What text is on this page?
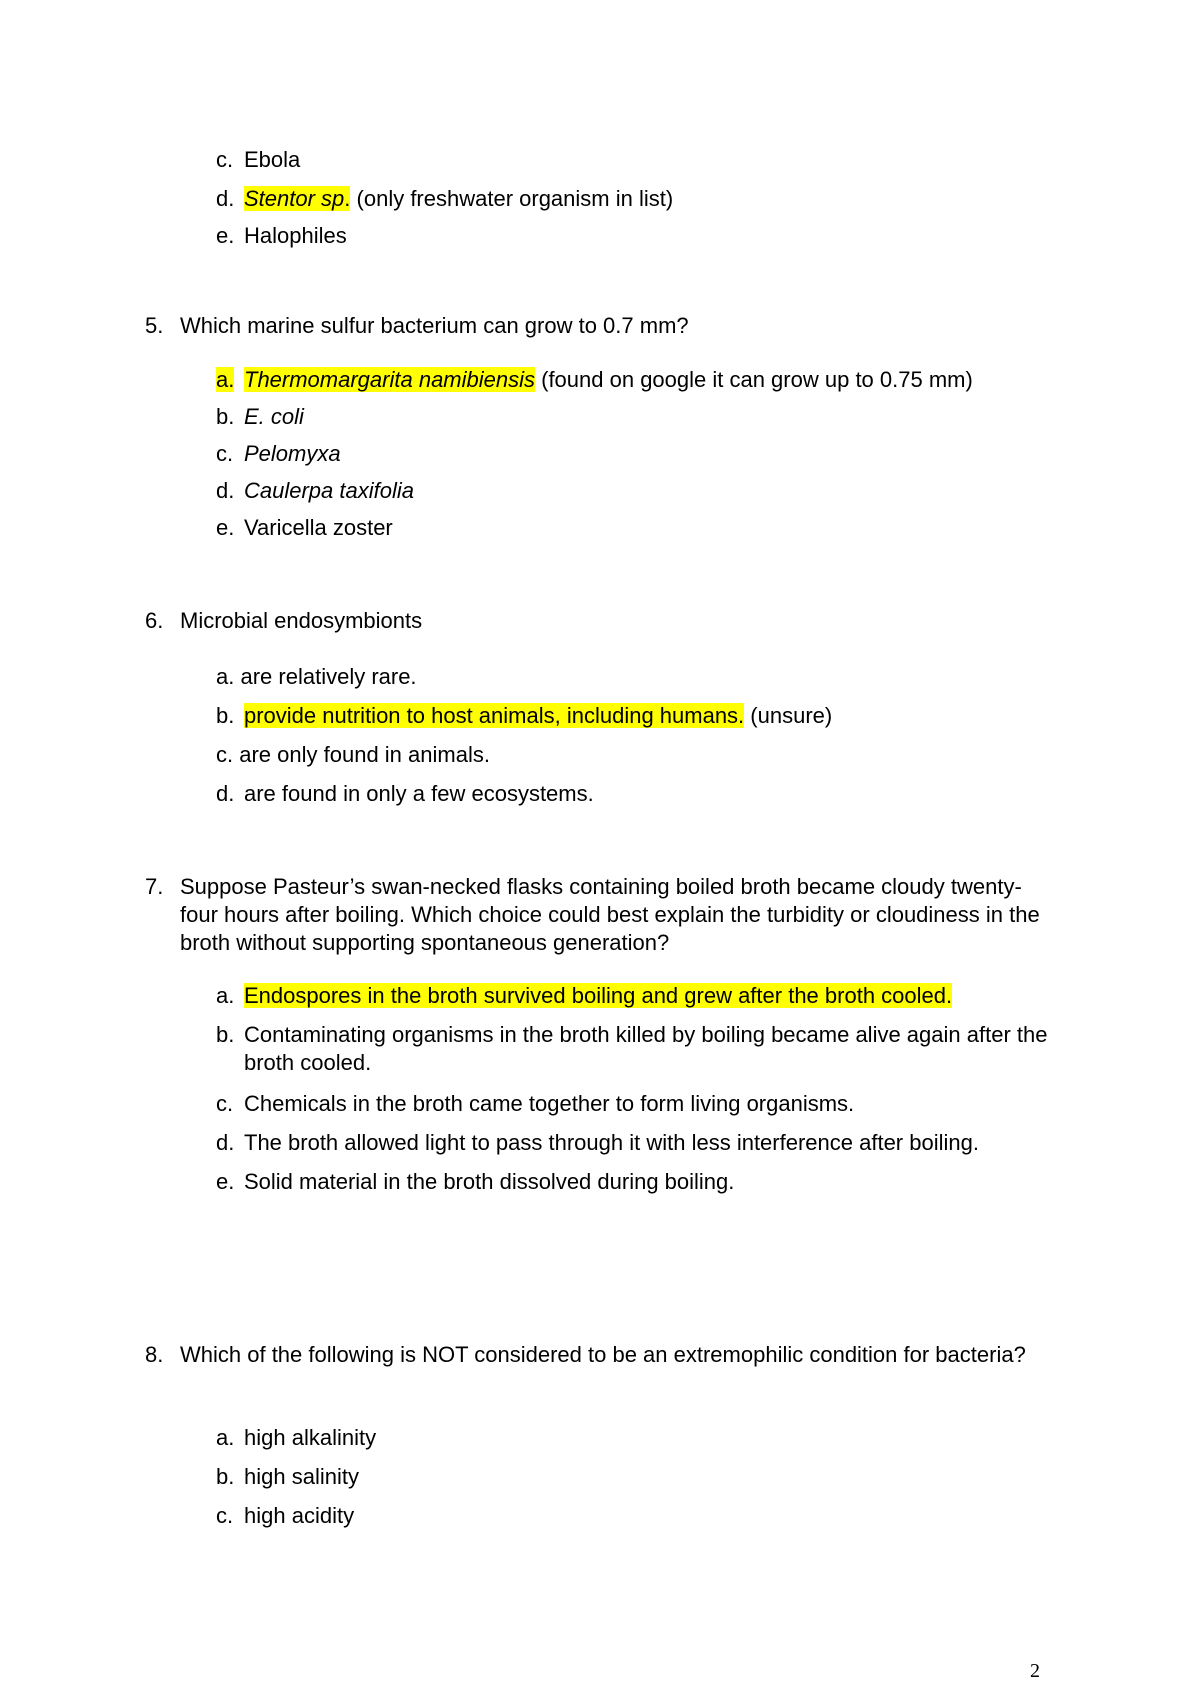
c. Ebola
d. Stentor sp. (only freshwater organism in list)
e. Halophiles
5. Which marine sulfur bacterium can grow to 0.7 mm?
a. Thermomargarita namibiensis (found on google it can grow up to 0.75 mm)
b. E. coli
c. Pelomyxa
d. Caulerpa taxifolia
e. Varicella zoster
6. Microbial endosymbionts
a. are relatively rare.
b. provide nutrition to host animals, including humans. (unsure)
c. are only found in animals.
d. are found in only a few ecosystems.
7. Suppose Pasteur’s swan-necked flasks containing boiled broth became cloudy twenty-four hours after boiling. Which choice could best explain the turbidity or cloudiness in the broth without supporting spontaneous generation?
a. Endospores in the broth survived boiling and grew after the broth cooled.
b. Contaminating organisms in the broth killed by boiling became alive again after the broth cooled.
c. Chemicals in the broth came together to form living organisms.
d. The broth allowed light to pass through it with less interference after boiling.
e. Solid material in the broth dissolved during boiling.
8. Which of the following is NOT considered to be an extremophilic condition for bacteria?
a. high alkalinity
b. high salinity
c. high acidity
2
